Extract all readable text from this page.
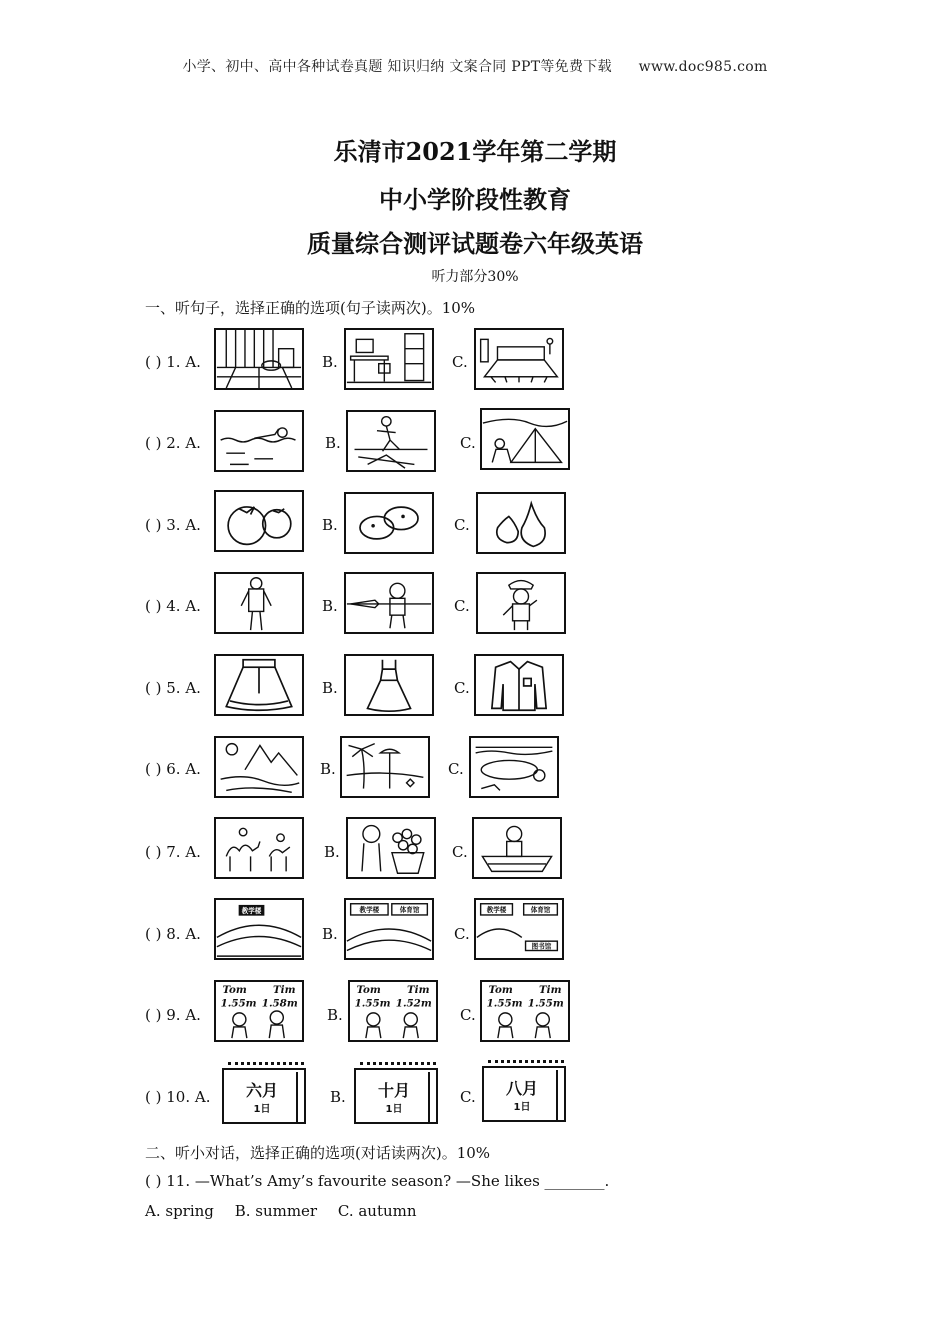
小学、初中、高中各种试卷真题 知识归纳 文案合同 PPT等免费下载 www.doc985.com
乐清市2021学年第二学期
中小学阶段性教育
质量综合测评试题卷六年级英语
听力部分30%
一、听句子，选择正确的选项(句子读两次)。10%
( ) 1. A.	B.	C.
( ) 2. A.	B.	C.
( ) 3. A.	B.	C.
( ) 4. A.	B.	C.
( ) 5. A.	B.	C.
( ) 6. A.	B.	C.
( ) 7. A.	B.	C.
( ) 8. A.
教学楼
B.
教学楼	体育馆
C.
教学楼	体育馆
图书馆
( ) 9. A.
Tom Tim
1.55m 1.58m
B.
Tom Tim
1.55m 1.52m
C.
Tom Tim
1.55m 1.55m
( ) 10. A.	六月
1日
B.	十月
1日
C.	八月
1日
二、听小对话，选择正确的选项(对话读两次)。10%
( ) 11. —What’s Amy’s favourite season? —She likes ________.
A. spring B. summer C. autumn
